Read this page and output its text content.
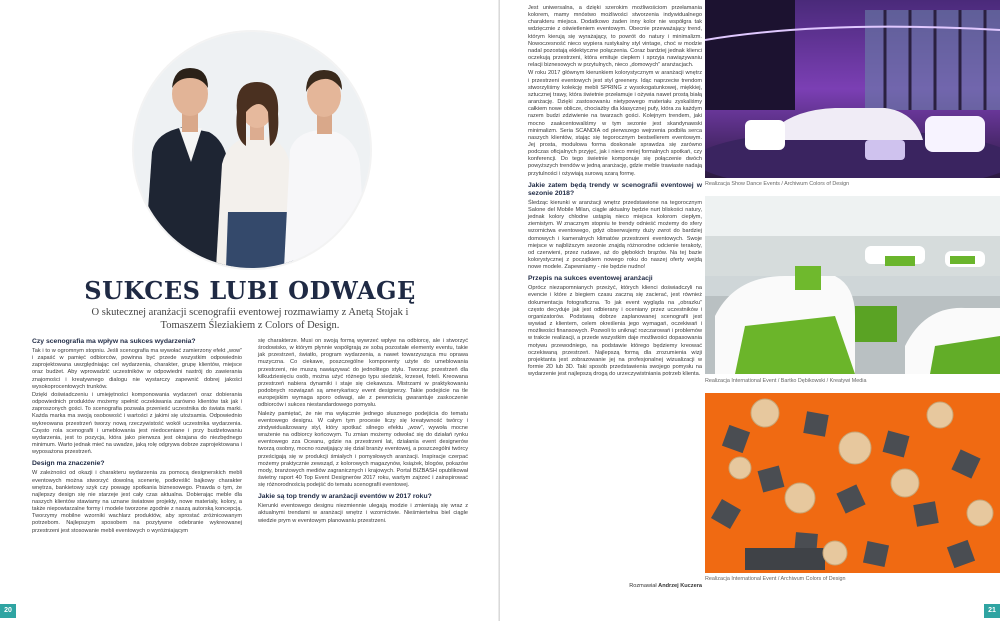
SUKCES LUBI ODWAGĘ

O skutecznej aranżacji scenografii eventowej rozmawiamy z Anetą Stojak i Tomaszem Śleziakiem z Colors of Design.

Czy scenografia ma wpływ na sukces wydarzenia?

Tak i to w ogromnym stopniu. Jeśli scenografia ma wywołać zamierzony efekt „wow” i zapaść w pamięć odbiorców, powinna być przede wszystkim odpowiednio zaprojektowana uwzględniając cel wydarzenia, charakter, grupę klientów, miejsce oraz budżet. Aby wprowadzić uczestników w odpowiedni nastrój do zawierania znajomości i kreatywnego dialogu nie wystarczy zapewnić dobrej jakości wysokoprocentowych trunków.

Dzięki doświadczeniu i umiejętności komponowania wydarzeń oraz dobierania odpowiednich produktów możemy spełnić oczekiwania zarówno klientów tak jak i zaproszonych gości. To scenografia pozwala przenieść uczestnika do świata marki. Każda marka ma swoją osobowość i wartości z jakimi się utożsamia. Odpowiednio wykreowana przestrzeń tworzy nową rzeczywistość wokół uczestnika wydarzenia. Często rola scenografii i umeblowania jest niedoceniane i przy budżetowaniu wydarzenia, jest to pozycja, która jako pierwsza jest okrajana do niezbędnego minimum. Warto jednak mieć na uwadze, jaką rolę odgrywa dobrze zaprojektowana i wyposażona przestrzeń.

Design ma znaczenie?

W zależności od okazji i charakteru wydarzenia za pomocą designerskich mebli eventowych można stworzyć dowolną scenerię, podkreślić bajkowy charakter wnętrza, bankietowy szyk czy powagę spotkania biznesowego. Prawda o tym, że najlepszy design się nie starzeje jest cały czas aktualna. Dobierając meble dla naszych klientów stawiamy na uznane światowe projekty, nowe materiały, kolory, a także niepowtarzalne formy i modele tworzone zgodnie z naszą autorską koncepcją. Tworzymy mobilne wzorniki wachlarz produktów, aby sprostać zróżnicowanym potrzebom. Najlepszym sposobem na pozytywne odebranie wykreowanej przestrzeni jest stosowanie mebli eventowych o wyróżniającym

się charakterze. Musi on swoją formą wywrzeć wpływ na odbiorcę, ale i stworzyć środowisko, w którym płynnie współgrają ze sobą pozostałe elementy eventu, takie jak przestrzeń, światło, program wydarzenia, a nawet towarzysząca mu oprawa muzyczna. Co ciekawe, poszczególne komponenty użyte do umeblowania przestrzeni, nie muszą nawiązywać do jednolitego stylu. Tworząc przestrzeń dla kilkudziesięciu osób, można użyć różnego typu siedzisk, krzeseł, foteli. Kreowana przestrzeń nabiera dynamiki i staje się ciekawsza. Mistrzami w praktykowaniu podobnych rozwiązań są amerykańscy event designerzy. Takie podejście na tle europejskim wymaga sporo odwagi, ale z pewnością gwarantuje zaskoczenie odbiorców i sukces niestandardowego pomysłu.

Należy pamiętać, że nie ma wyłącznie jednego słusznego podejścia do tematu eventowego designu. W całym tym procesie liczy się kreatywność twórcy i zindywidualizowany styl, który spotkać silnego efektu „wow”, wywoła mocne wrażenie na odbiorcy końcowym. Tu zmian możemy odwołać się do działań rynku eventowego zza Oceanu, gdzie na przestrzeni lat, działania event designerów tworzą osobny, mocno rozwijający się dział branży eventowej, a poszczególni twórcy prześcigają się w produkcji śmiałych i pomysłowych aranżacji. Inspiracje czerpać możemy praktycznie zewsząd, z kolorowych magazynów, książek, blogów, pokazów mody, branżowych mediów zagranicznych i krajowych. Portal BIZBASH opublikował świetny raport 40 Top Event Designerów 2017 roku, wartym zajrzeć i zainspirować się różnorodnością podejść do tematu scenografii eventowej.

Jakie są top trendy w aranżacji eventów w 2017 roku?

Kierunki eventowego designu niezmiennie ulegają modzie i zmieniają się wraz z aktualnymi trendami w aranżacji wnętrz i wzornictwie. Nieśmiertelna biel ciągle wiedzie prym w eventowym planowaniu przestrzeni.

20

Jest uniwersalna, a dzięki szerokim możliwościom przełamania kolorem, mamy mnóstwo możliwości stworzenia indywidualnego charakteru miejsca. Dodatkowo żaden inny kolor nie współgra tak wdzięcznie z oświetleniem eventowym. Obecnie przeważający trend, którym kierują się wyrażający, to powrót do natury i minimalizm. Nowoczesność nieco wypiera rustykalny styl vintage, choć w modzie nadal pozostają eklektyczne połączenia. Coraz bardziej jednak klienci oczekują przestrzeni, która emituje ciepłem i sprzyja nawiązywaniu relacji biznesowych w przytulnych, nieco „domowych” aranżacjach.

W roku 2017 głównym kierunkiem kolorystycznym w aranżacji wnętrz i przestrzeni eventowych jest styl greenery. Idąc naprzeciw trendom stworzyliśmy kolekcję mebli SPRING z wysokogatunkowej, miękkiej, sztucznej trawy, która świetnie przełamuje i ożywia nawet prostą białą aranżację. Dzięki zastosowaniu nietypowego materiału zyskaliśmy całkiem nowe oblicze, chociażby dla klasycznej pufy, która za każdym razem budzi zdziwienie na twarzach gości. Kolejnym trendem, jaki mocno zaakcentowaliśmy w tym sezonie jest skandynawski minimalizm. Seria SCANDIA od pierwszego wejrzenia podbiła serca naszych klientów, stając się tegorocznym bestsellerem eventowym. Jej prosta, modułowa forma doskonale sprawdza się zarówno podczas oficjalnych przyjęć, jak i nieco mniej formalnych spotkań, czy konferencji. Do tego świetnie komponuje się połączenie dwóch powyższych trendów w jedną aranżację, gdzie meble trawiaste nadają przytulności i ożywiają surową szarą formę.

Jakie zatem będą trendy w scenografii eventowej w sezonie 2018?

Śledząc kierunki w aranżacji wnętrz przedstawione na tegorocznym Salone del Mobile Milan, ciągle aktualny będzie nurt bliskości natury, jednak kolory chłodne ustąpią nieco miejsca kolorom ciepłym, ziemistym. W znacznym stopniu te trendy odnieść możemy do sfery wzornictwa eventowego, gdyż obserwujemy duży zwrot do bardziej domowych i kameralnych klimatów przestrzeni eventowych. Swoje miejsce w najbliższym sezonie znajdą różnorodne odcienie terakoty, od czerwieni, przez rudawe, aż do głębokich brązów. Na tej bazie kolorystycznej z początkiem nowego roku do naszej oferty wejdą nowe modele. Zapewniamy - nie będzie nudno!

Przepis na sukces eventowej aranżacji

Oprócz niezapomnianych przeżyć, których klienci doświadczyli na evencie i które z biegiem czasu zaczną się zacierać, jest również dokumentacja fotograficzna. To jak event wygląda na „obrazku” często decyduje jak jest odbierany i oceniany przez uczestników i organizatorów. Podstawą dobrze zaplanowanej scenografii jest wywiad z klientem, celem określenia jego wymagań, oczekiwań i możliwości finansowych. Pozwoli to uniknąć rozczarowań i problemów w trakcie realizacji, a przede wszystkim daje możliwości dopasowania motywu przewodniego, na podstawie którego będziemy kreować oczekiwaną przestrzeń. Najlepszą formą dla zrozumienia wizji projektanta jest zobrazowanie jej na profesjonalnej wizualizacji w formie 2D lub 3D. Taki sposób przedstawienia swojego pomysłu na wydarzenie jest najlepszą drogą do urzeczywistniania potrzeb klienta.

Rozmawiał Andrzej Kuczera
Realizacja Show Dance Events / Archiwum Colors of Design
Realizacja International Event / Bartko Dębikowski / Kreatywi Media
Realizacja International Event / Archiwum Colors of Design
21
